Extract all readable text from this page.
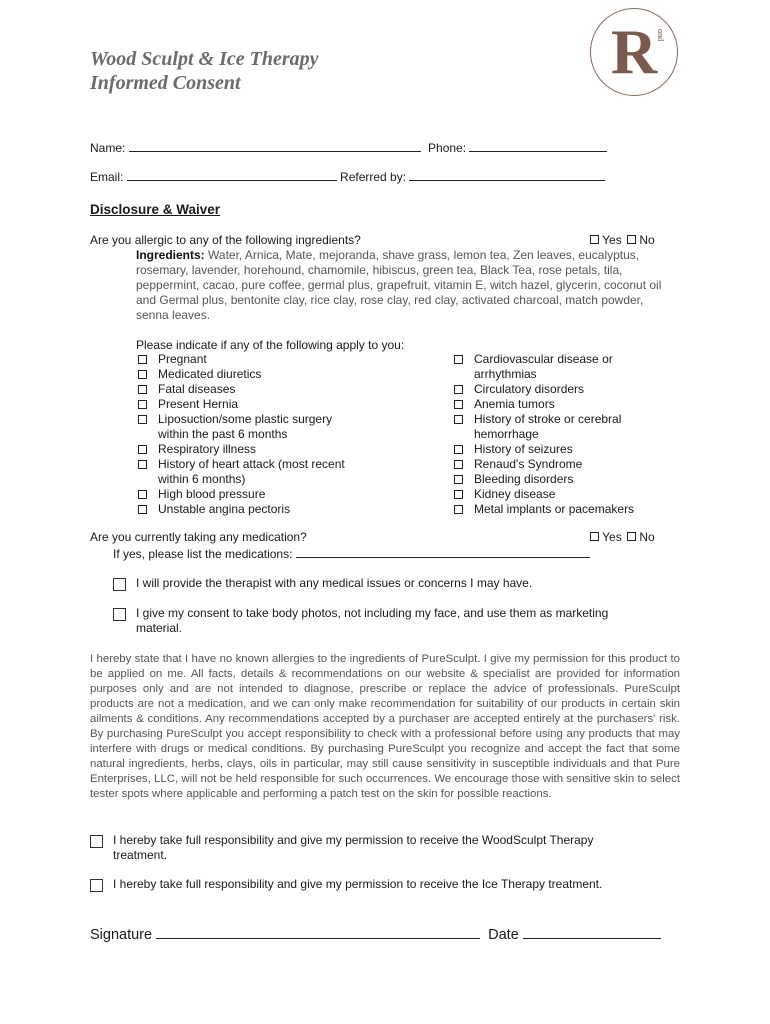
Wood Sculpt & Ice Therapy
Informed Consent	R
ɑnd
Name:	Phone:
Email:	Referred by:
Disclosure & Waiver
Are you allergic to any of the following ingredients?	Yes No
Ingredients: Water, Arnica, Mate, mejoranda, shave grass, lemon tea, Zen leaves, eucalyptus, rosemary, lavender, horehound, chamomile, hibiscus, green tea, Black Tea, rose petals, tila, peppermint, cacao, pure coffee, germal plus, grapefruit, vitamin E, witch hazel, glycerin, coconut oil and Germal plus, bentonite clay, rice clay, rose clay, red clay, activated charcoal, match powder, senna leaves.
Please indicate if any of the following apply to you:
Pregnant
Medicated diuretics
Fatal diseases
Present Hernia
Liposuction/some plastic surgery within the past 6 months
Respiratory illness
History of heart attack (most recent within 6 months)
High blood pressure
Unstable angina pectoris
Cardiovascular disease or arrhythmias
Circulatory disorders
Anemia tumors
History of stroke or cerebral hemorrhage
History of seizures
Renaud's Syndrome
Bleeding disorders
Kidney disease
Metal implants or pacemakers
Are you currently taking any medication?	Yes No
If yes, please list the medications:
I will provide the therapist with any medical issues or concerns I may have.
I give my consent to take body photos, not including my face, and use them as marketing material.
I hereby state that I have no known allergies to the ingredients of PureSculpt. I give my permission for this product to be applied on me. All facts, details & recommendations on our website & specialist are provided for information purposes only and are not intended to diagnose, prescribe or replace the advice of professionals. PureSculpt products are not a medication, and we can only make recommendation for suitability of our products in certain skin ailments & conditions. Any recommendations accepted by a purchaser are accepted entirely at the purchasers' risk. By purchasing PureSculpt you accept responsibility to check with a professional before using any products that may interfere with drugs or medical conditions. By purchasing PureSculpt you recognize and accept the fact that some natural ingredients, herbs, clays, oils in particular, may still cause sensitivity in susceptible individuals and that Pure Enterprises, LLC, will not be held responsible for such occurrences. We encourage those with sensitive skin to select tester spots where applicable and performing a patch test on the skin for possible reactions.
I hereby take full responsibility and give my permission to receive the WoodSculpt Therapy treatment.
I hereby take full responsibility and give my permission to receive the Ice Therapy treatment.
Signature	Date
